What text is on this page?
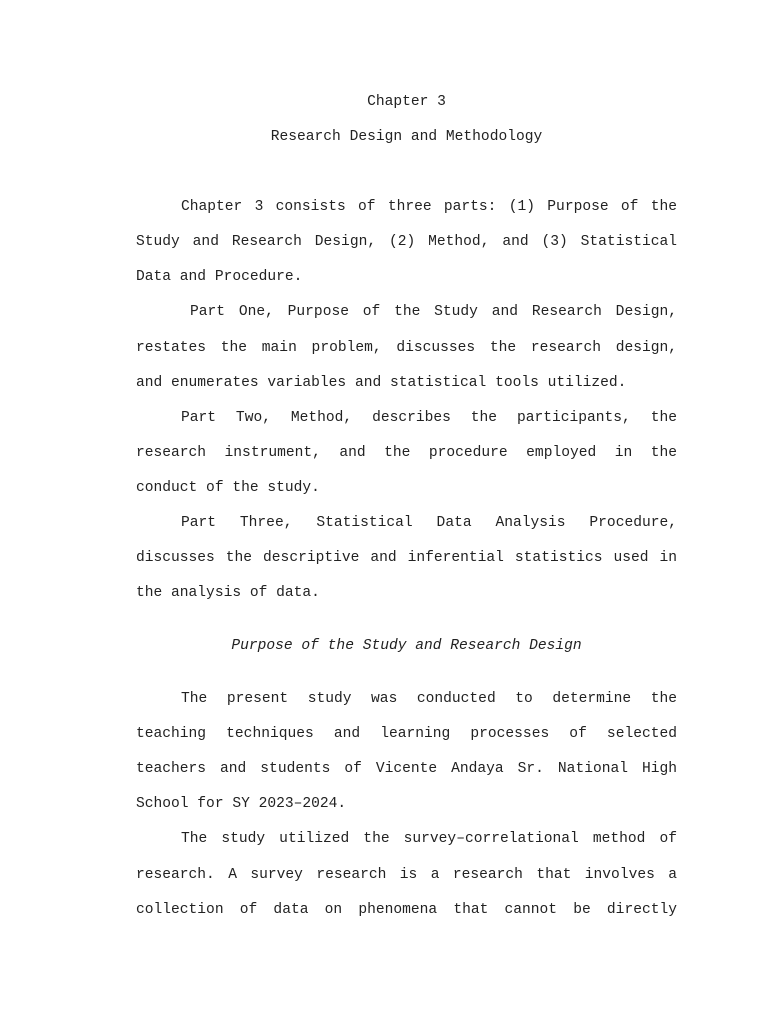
Chapter 3
Research Design and Methodology
Chapter 3 consists of three parts: (1) Purpose of the
Study and Research Design, (2) Method, and (3) Statistical
Data and Procedure.
Part One, Purpose of the Study and Research Design,
restates the main problem, discusses the research design,
and enumerates variables and statistical tools utilized.
Part Two, Method, describes the participants, the
research instrument, and the procedure employed in the
conduct of the study.
Part Three, Statistical Data Analysis Procedure,
discusses the descriptive and inferential statistics used in
the analysis of data.
Purpose of the Study and Research Design
The present study was conducted to determine the
teaching techniques and learning processes of selected
teachers and students of Vicente Andaya Sr. National High
School for SY 2023–2024.
The study utilized the survey–correlational method of
research. A survey research is a research that involves a
collection of data on phenomena that cannot be directly
